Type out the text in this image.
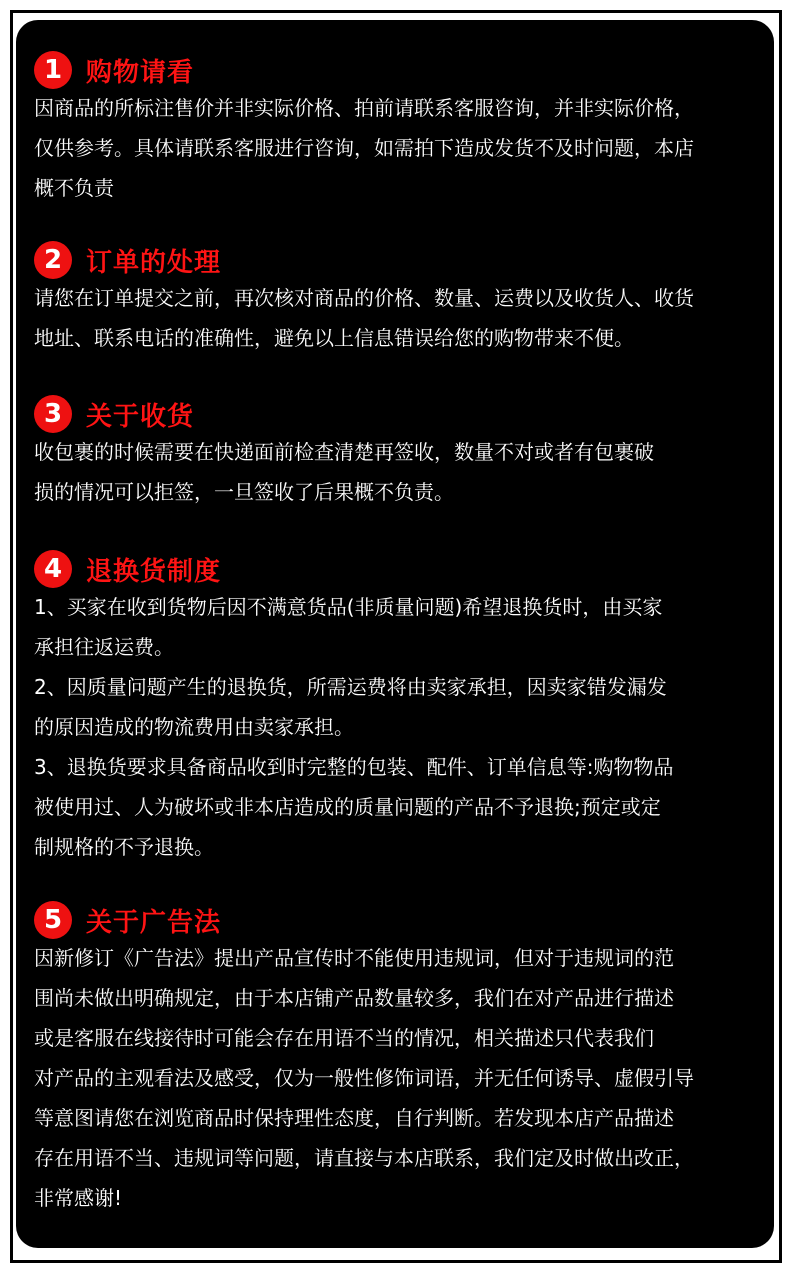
1 购物请看
因商品的所标注售价并非实际价格、拍前请联系客服咨询，并非实际价格，
仅供参考。具体请联系客服进行咨询，如需拍下造成发货不及时问题，本店
概不负责
2 订单的处理
请您在订单提交之前，再次核对商品的价格、数量、运费以及收货人、收货
地址、联系电话的准确性，避免以上信息错误给您的购物带来不便。
3 关于收货
收包裹的时候需要在快递面前检查清楚再签收，数量不对或者有包裹破
损的情况可以拒签，一旦签收了后果概不负责。
4 退换货制度
1、买家在收到货物后因不满意货品(非质量问题)希望退换货时，由买家
承担往返运费。
2、因质量问题产生的退换货，所需运费将由卖家承担，因卖家错发漏发
的原因造成的物流费用由卖家承担。
3、退换货要求具备商品收到时完整的包装、配件、订单信息等:购物物品
被使用过、人为破坏或非本店造成的质量问题的产品不予退换;预定或定
制规格的不予退换。
5 关于广告法
因新修订《广告法》提出产品宣传时不能使用违规词，但对于违规词的范
围尚未做出明确规定，由于本店铺产品数量较多，我们在对产品进行描述
或是客服在线接待时可能会存在用语不当的情况，相关描述只代表我们
对产品的主观看法及感受，仅为一般性修饰词语，并无任何诱导、虚假引导
等意图请您在浏览商品时保持理性态度，自行判断。若发现本店产品描述
存在用语不当、违规词等问题，请直接与本店联系，我们定及时做出改正，
非常感谢!
